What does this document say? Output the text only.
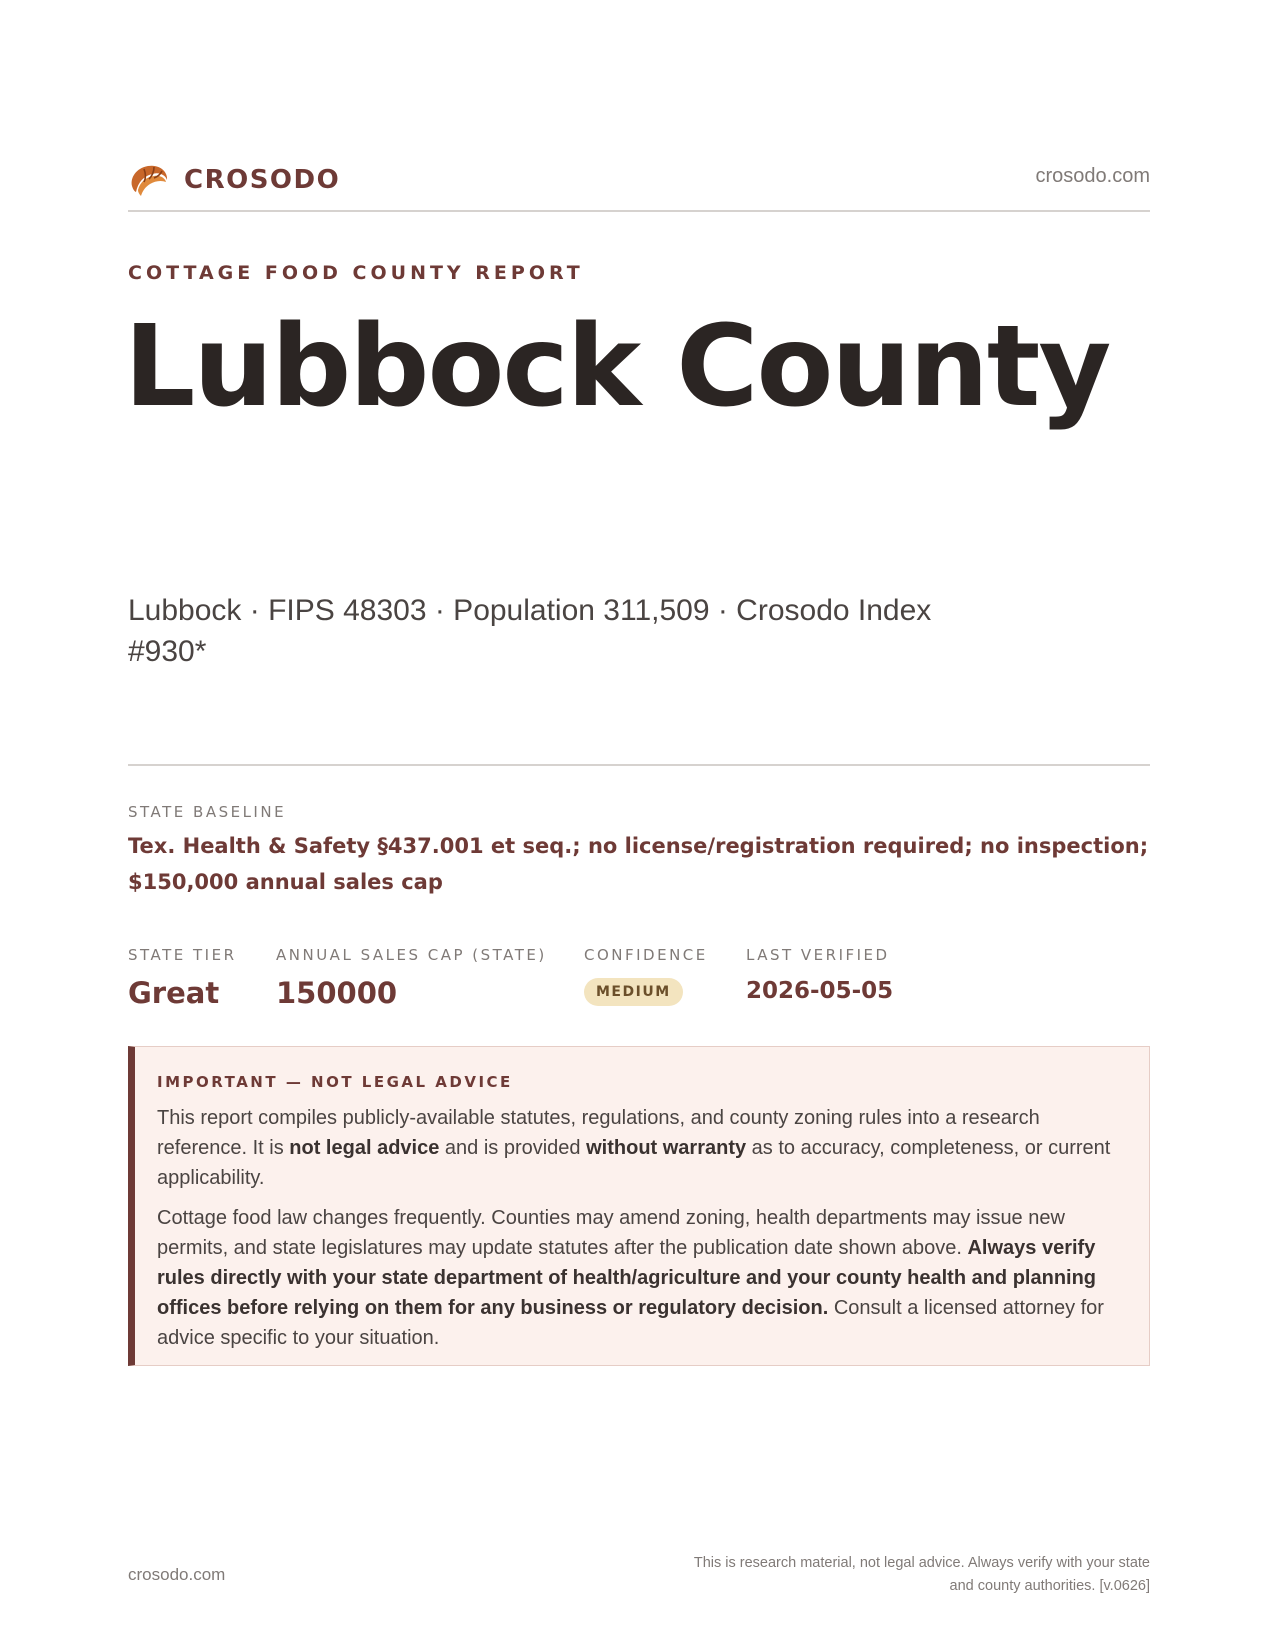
CROSODO	crosodo.com
COTTAGE FOOD COUNTY REPORT
Lubbock County
Lubbock · FIPS 48303 · Population 311,509 · Crosodo Index #930*
STATE BASELINE
Tex. Health & Safety §437.001 et seq.; no license/registration required; no inspection; $150,000 annual sales cap
STATE TIER
Great
ANNUAL SALES CAP (STATE)
150000
CONFIDENCE
MEDIUM
LAST VERIFIED
2026-05-05
IMPORTANT — NOT LEGAL ADVICE

This report compiles publicly-available statutes, regulations, and county zoning rules into a research reference. It is not legal advice and is provided without warranty as to accuracy, completeness, or current applicability.

Cottage food law changes frequently. Counties may amend zoning, health departments may issue new permits, and state legislatures may update statutes after the publication date shown above. Always verify rules directly with your state department of health/agriculture and your county health and planning offices before relying on them for any business or regulatory decision. Consult a licensed attorney for advice specific to your situation.

crosodo.com
This is research material, not legal advice. Always verify with your state
and county authorities. [v.0626]
